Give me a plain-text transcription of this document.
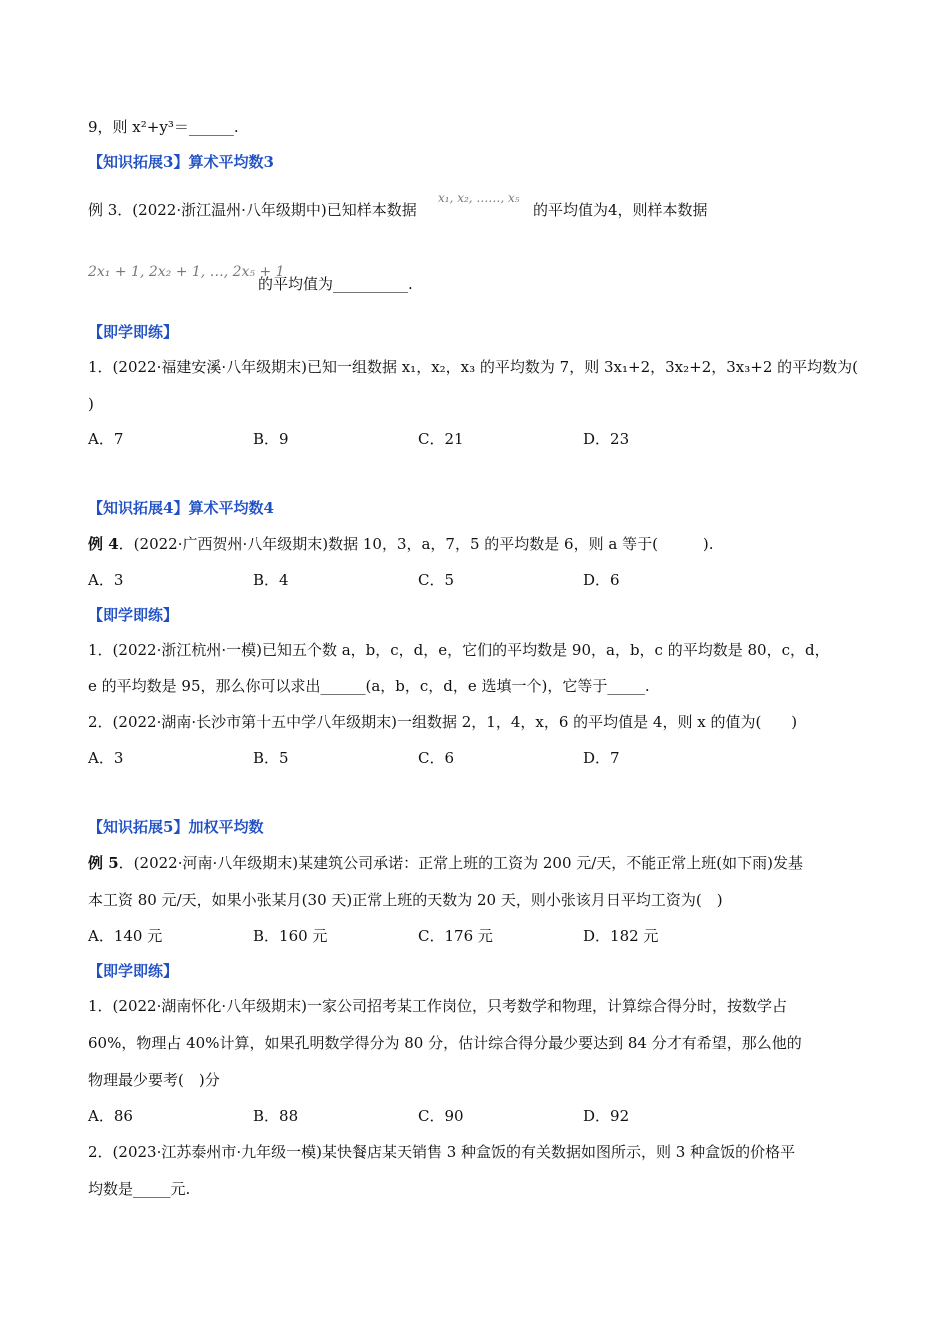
9，则 x²+y³＝______.
【知识拓展3】算术平均数3
x₁, x₂, ……, x₅
例 3．(2022·浙江温州·八年级期中)已知样本数据	的平均值为4，则样本数据
2x₁ + 1, 2x₂ + 1, …, 2x₅ + 1
的平均值为__________.
【即学即练】
1．(2022·福建安溪·八年级期末)已知一组数据 x₁，x₂，x₃ 的平均数为 7，则 3x₁+2，3x₂+2，3x₃+2 的平均数为(
)
A．7	B．9	C．21	D．23
【知识拓展4】算术平均数4
例 4．(2022·广西贺州·八年级期末)数据 10，3，a，7，5 的平均数是 6，则 a 等于(　　　).
A．3	B．4	C．5	D．6
【即学即练】
1．(2022·浙江杭州·一模)已知五个数 a，b，c，d，e，它们的平均数是 90，a，b，c 的平均数是 80，c，d，
e 的平均数是 95，那么你可以求出______(a，b，c，d，e 选填一个)，它等于_____.
2．(2022·湖南·长沙市第十五中学八年级期末)一组数据 2，1，4，x，6 的平均值是 4，则 x 的值为(　　)
A．3	B．5	C．6	D．7
【知识拓展5】加权平均数
例 5．(2022·河南·八年级期末)某建筑公司承诺：正常上班的工资为 200 元/天，不能正常上班(如下雨)发基
本工资 80 元/天，如果小张某月(30 天)正常上班的天数为 20 天，则小张该月日平均工资为(　)
A．140 元	B．160 元	C．176 元	D．182 元
【即学即练】
1．(2022·湖南怀化·八年级期末)一家公司招考某工作岗位，只考数学和物理，计算综合得分时，按数学占
60%，物理占 40%计算，如果孔明数学得分为 80 分，估计综合得分最少要达到 84 分才有希望，那么他的
物理最少要考(　)分
A．86	B．88	C．90	D．92
2．(2023·江苏泰州市·九年级一模)某快餐店某天销售 3 种盒饭的有关数据如图所示，则 3 种盒饭的价格平
均数是_____元.
